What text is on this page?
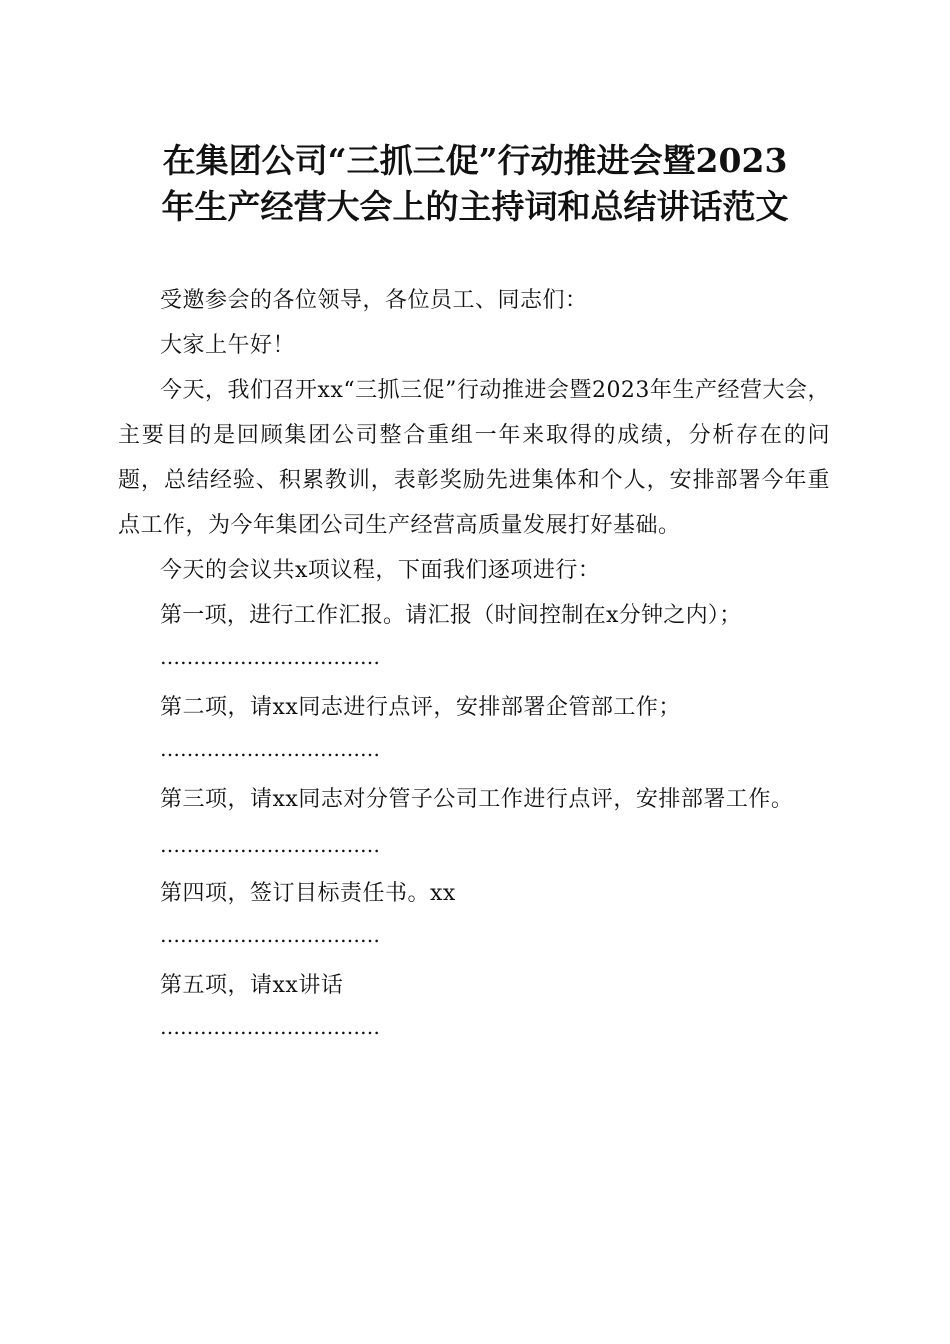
在集团公司“三抓三促”行动推进会暨2023
年生产经营大会上的主持词和总结讲话范文

受邀参会的各位领导，各位员工、同志们：

大家上午好！

今天，我们召开xx“三抓三促”行动推进会暨2023年生产经营大会，主要目的是回顾集团公司整合重组一年来取得的成绩，分析存在的问题，总结经验、积累教训，表彰奖励先进集体和个人，安排部署今年重点工作，为今年集团公司生产经营高质量发展打好基础。

今天的会议共x项议程，下面我们逐项进行：

第一项，进行工作汇报。请汇报（时间控制在x分钟之内）；

……………………………

第二项，请xx同志进行点评，安排部署企管部工作；

……………………………

第三项，请xx同志对分管子公司工作进行点评，安排部署工作。

……………………………

第四项，签订目标责任书。xx

……………………………

第五项，请xx讲话

……………………………
